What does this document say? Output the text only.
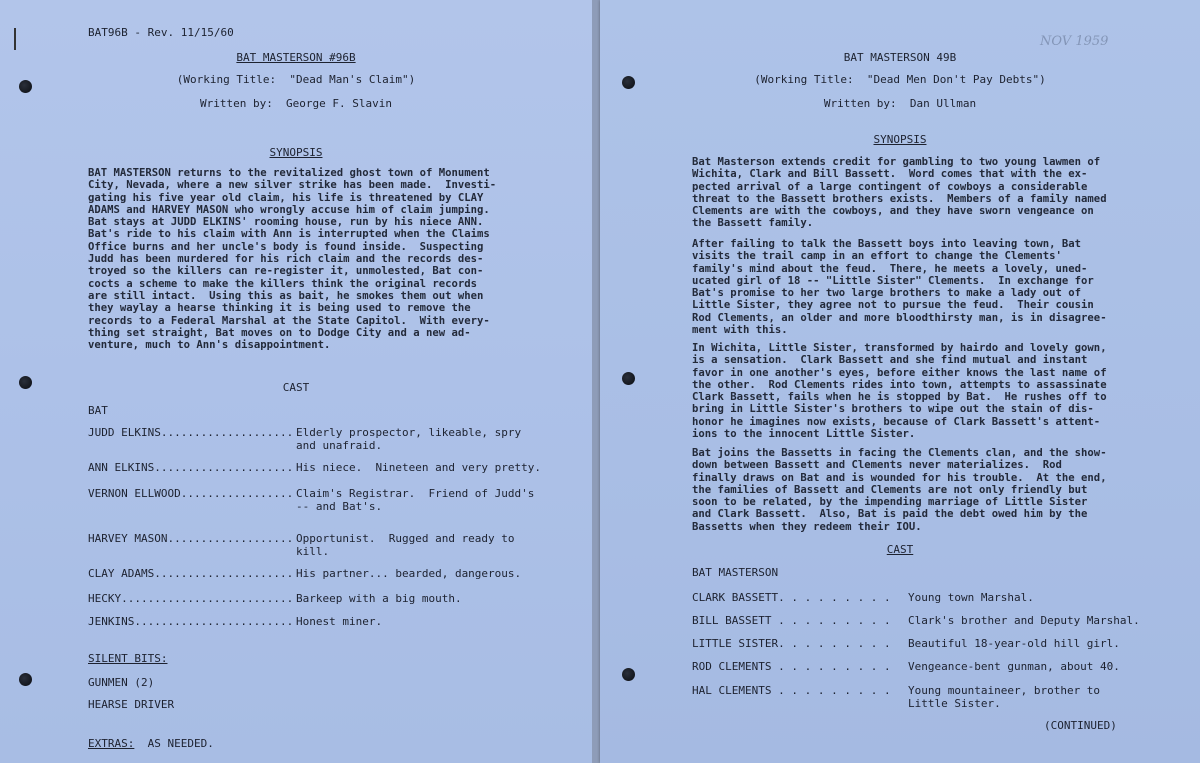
BAT96B - Rev. 11/15/60
BAT MASTERSON #96B
(Working Title:  "Dead Man's Claim")
Written by:  George F. Slavin
SYNOPSIS
BAT MASTERSON returns to the revitalized ghost town of Monument
City, Nevada, where a new silver strike has been made.  Investi-
gating his five year old claim, his life is threatened by CLAY
ADAMS and HARVEY MASON who wrongly accuse him of claim jumping.
Bat stays at JUDD ELKINS' rooming house, run by his niece ANN.
Bat's ride to his claim with Ann is interrupted when the Claims
Office burns and her uncle's body is found inside.  Suspecting
Judd has been murdered for his rich claim and the records des-
troyed so the killers can re-register it, unmolested, Bat con-
cocts a scheme to make the killers think the original records
are still intact.  Using this as bait, he smokes them out when
they waylay a hearse thinking it is being used to remove the
records to a Federal Marshal at the State Capitol.  With every-
thing set straight, Bat moves on to Dodge City and a new ad-
venture, much to Ann's disappointment.
CAST
BAT
JUDD ELKINS.................... Elderly prospector, likeable, spry
and unafraid.
ANN ELKINS..................... His niece.  Nineteen and very pretty.
VERNON ELLWOOD................. Claim's Registrar.  Friend of Judd's
-- and Bat's.
HARVEY MASON................... Opportunist.  Rugged and ready to
kill.
CLAY ADAMS..................... His partner... bearded, dangerous.
HECKY.......................... Barkeep with a big mouth.
JENKINS........................ Honest miner.
SILENT BITS:
GUNMEN (2)
HEARSE DRIVER
EXTRAS: AS NEEDED.
BAT MASTERSON 49B
NOV 1959
(Working Title:  "Dead Men Don't Pay Debts")
Written by:  Dan Ullman
SYNOPSIS
Bat Masterson extends credit for gambling to two young lawmen of
Wichita, Clark and Bill Bassett.  Word comes that with the ex-
pected arrival of a large contingent of cowboys a considerable
threat to the Bassett brothers exists.  Members of a family named
Clements are with the cowboys, and they have sworn vengeance on
the Bassett family.
After failing to talk the Bassett boys into leaving town, Bat
visits the trail camp in an effort to change the Clements'
family's mind about the feud.  There, he meets a lovely, uned-
ucated girl of 18 -- "Little Sister" Clements.  In exchange for
Bat's promise to her two large brothers to make a lady out of
Little Sister, they agree not to pursue the feud.  Their cousin
Rod Clements, an older and more bloodthirsty man, is in disagree-
ment with this.
In Wichita, Little Sister, transformed by hairdo and lovely gown,
is a sensation.  Clark Bassett and she find mutual and instant
favor in one another's eyes, before either knows the last name of
the other.  Rod Clements rides into town, attempts to assassinate
Clark Bassett, fails when he is stopped by Bat.  He rushes off to
bring in Little Sister's brothers to wipe out the stain of dis-
honor he imagines now exists, because of Clark Bassett's attent-
ions to the innocent Little Sister.
Bat joins the Bassetts in facing the Clements clan, and the show-
down between Bassett and Clements never materializes.  Rod
finally draws on Bat and is wounded for his trouble.  At the end,
the families of Bassett and Clements are not only friendly but
soon to be related, by the impending marriage of Little Sister
and Clark Bassett.  Also, Bat is paid the debt owed him by the
Bassetts when they redeem their IOU.
CAST
BAT MASTERSON
CLARK BASSETT. . . . . . . . . Young town Marshal.
BILL BASSETT . . . . . . . . . Clark's brother and Deputy Marshal.
LITTLE SISTER. . . . . . . . . Beautiful 18-year-old hill girl.
ROD CLEMENTS . . . . . . . . . Vengeance-bent gunman, about 40.
HAL CLEMENTS . . . . . . . . . Young mountaineer, brother to
Little Sister.
(CONTINUED)
